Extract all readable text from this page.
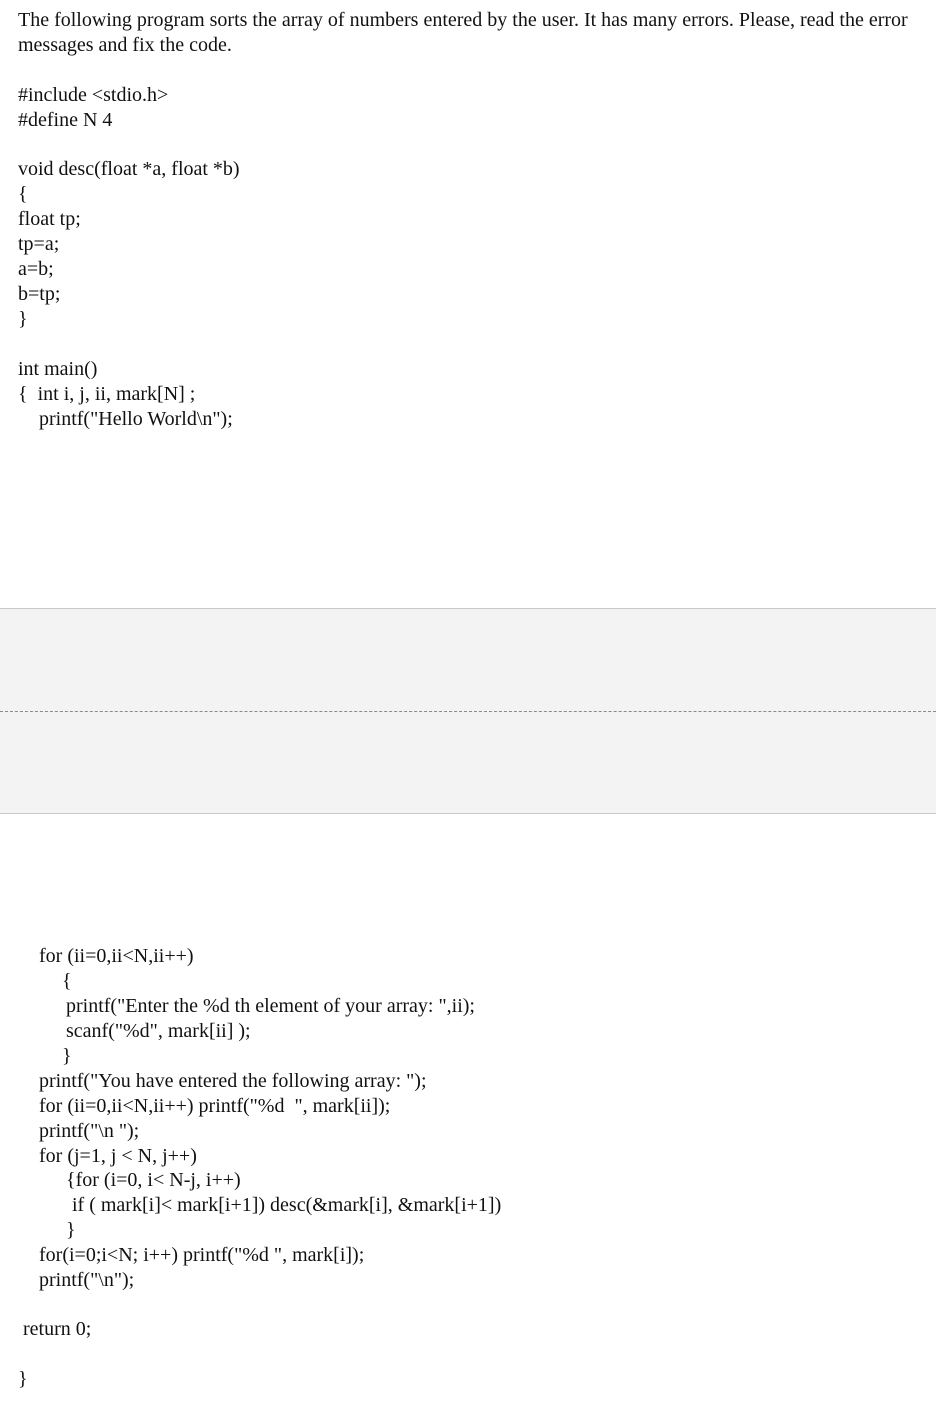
The following program sorts the array of numbers entered by the user. It has many errors. Please, read the error messages and fix the code.
#include <stdio.h>
#define N 4
void desc(float *a, float *b)
{
float tp;
tp=a;
a=b;
b=tp;
}
int main()
{  int i, j, ii, mark[N] ;
printf("Hello World\n");
for (ii=0,ii<N,ii++)
{
printf("Enter the %d th element of your array: ",ii);
scanf("%d", mark[ii] );
}
printf("You have entered the following array: ");
for (ii=0,ii<N,ii++) printf("%d  ", mark[ii]);
printf("\n ");
for (j=1, j < N, j++)
{for (i=0, i< N-j, i++)
if ( mark[i]< mark[i+1]) desc(&mark[i], &mark[i+1])
}
for(i=0;i<N; i++) printf("%d ", mark[i]);
printf("\n");
return 0;
}
